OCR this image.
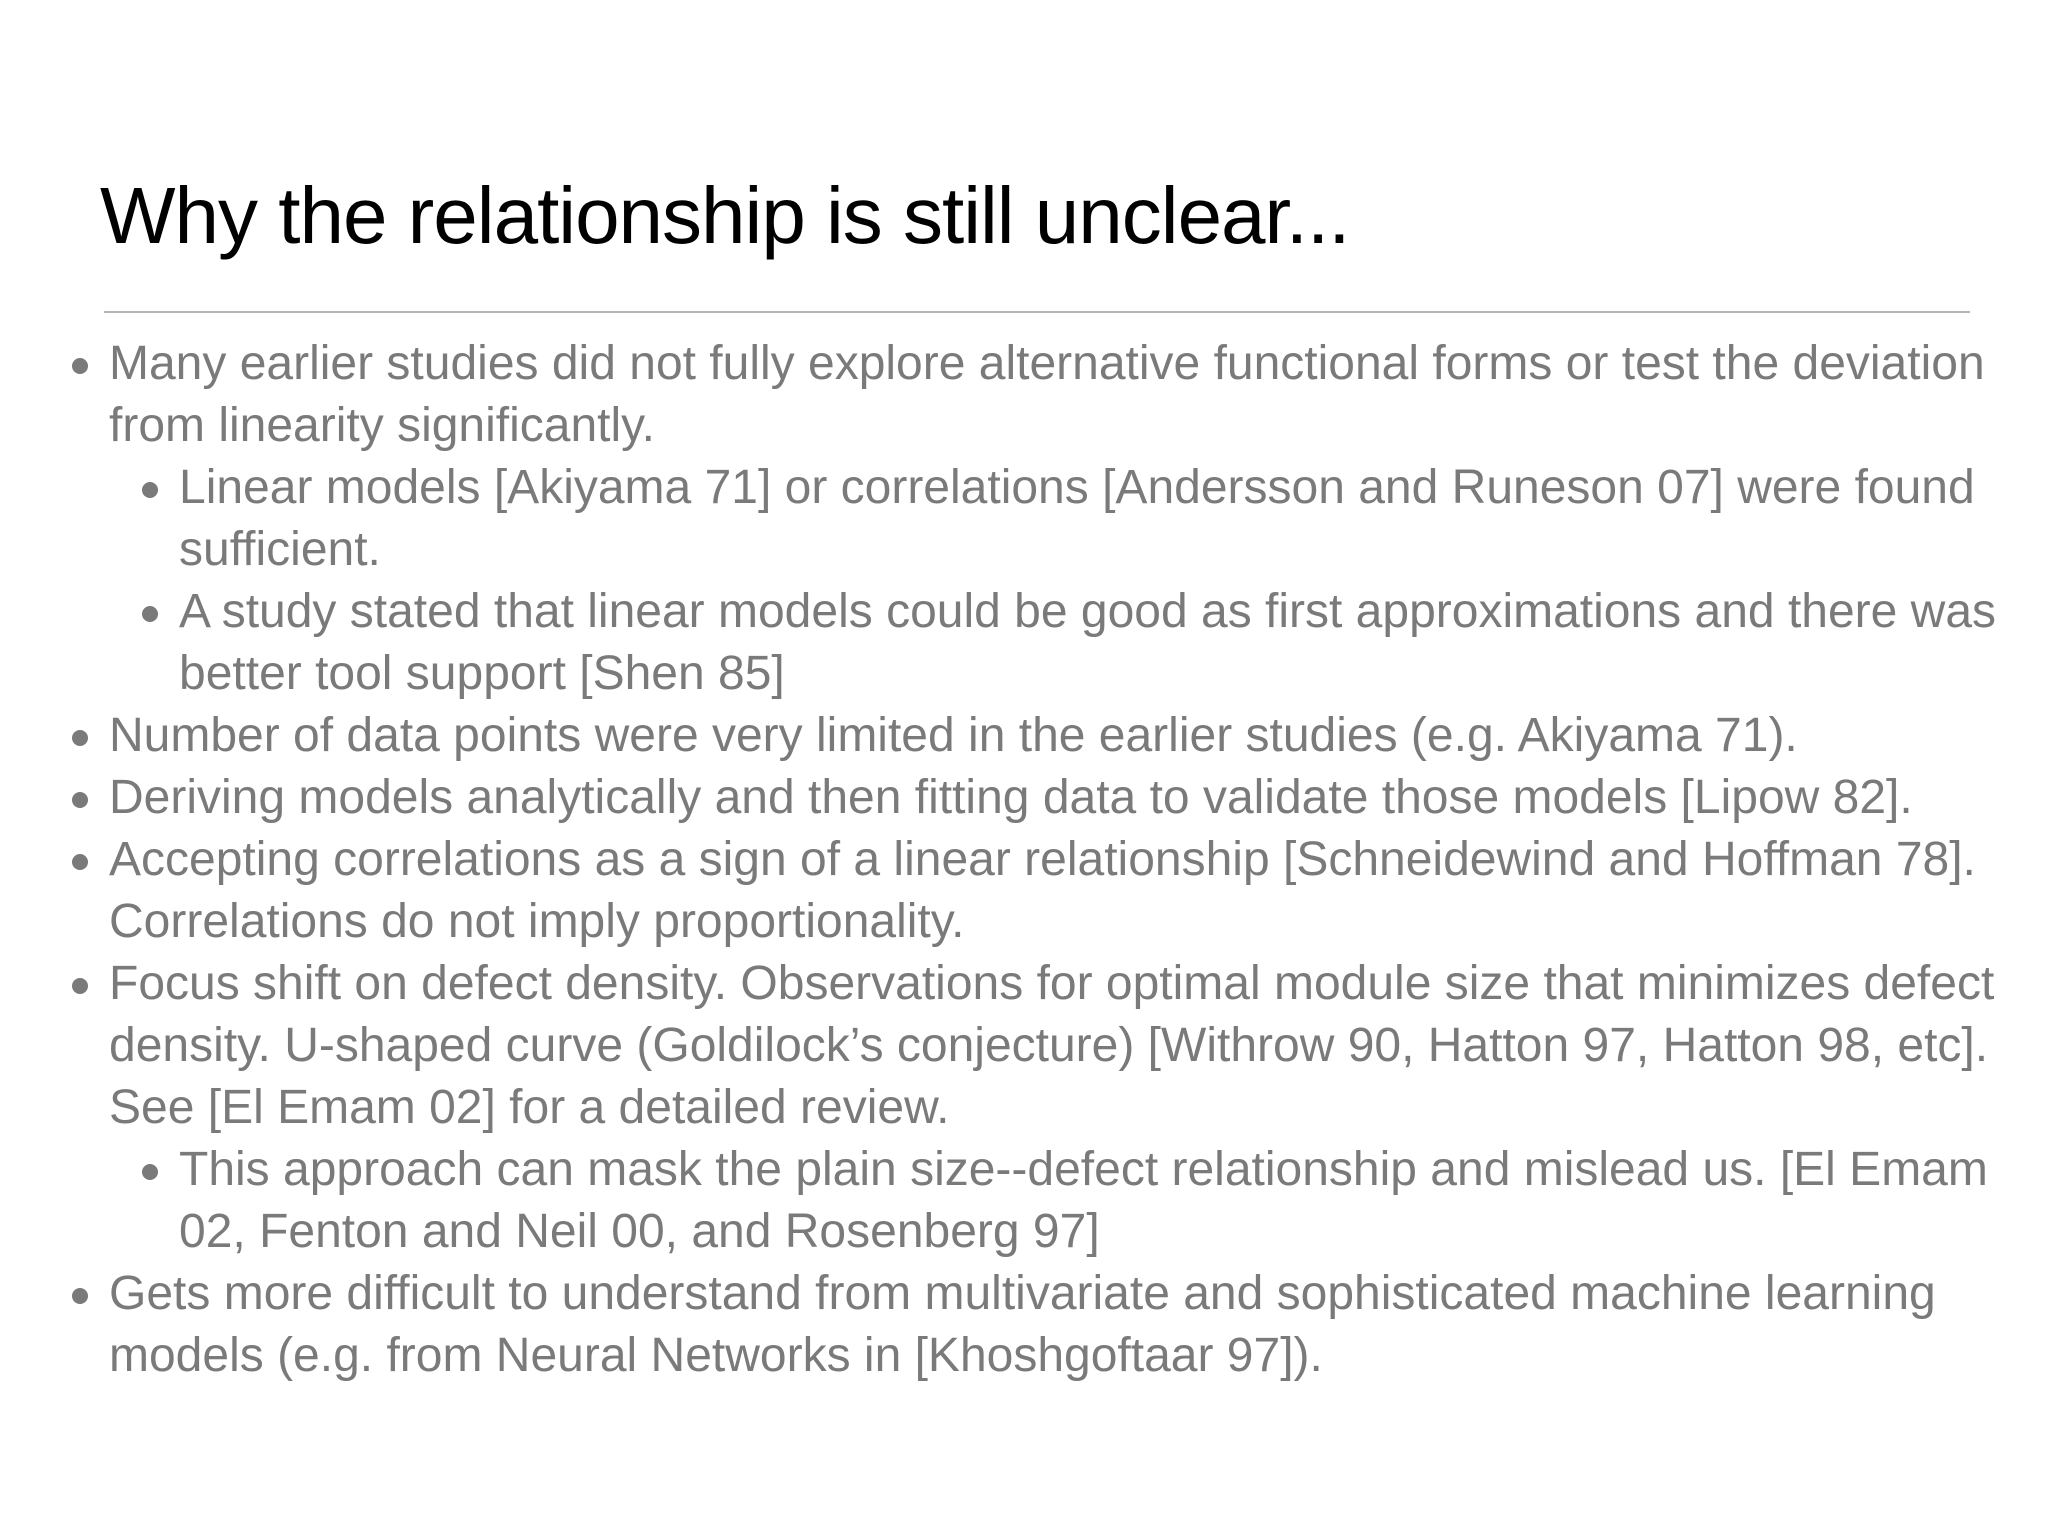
Why the relationship is still unclear...
Many earlier studies did not fully explore alternative functional forms or test the deviation from linearity significantly.
Linear models [Akiyama 71] or correlations [Andersson and Runeson 07] were found sufficient.
A study stated that linear models could be good as first approximations and there was better tool support [Shen 85]
Number of data points were very limited in the earlier studies (e.g. Akiyama 71).
Deriving models analytically and then fitting data to validate those models [Lipow 82].
Accepting correlations as a sign of a linear relationship [Schneidewind and Hoffman 78]. Correlations do not imply proportionality.
Focus shift on defect density. Observations for optimal module size that minimizes defect density. U-shaped curve (Goldilock’s conjecture) [Withrow 90, Hatton 97, Hatton 98, etc]. See [El Emam 02] for a detailed review.
This approach can mask the plain size--defect relationship and mislead us. [El Emam 02, Fenton and Neil 00, and Rosenberg 97]
Gets more difficult to understand from multivariate and sophisticated machine learning models (e.g. from Neural Networks in [Khoshgoftaar 97]).
